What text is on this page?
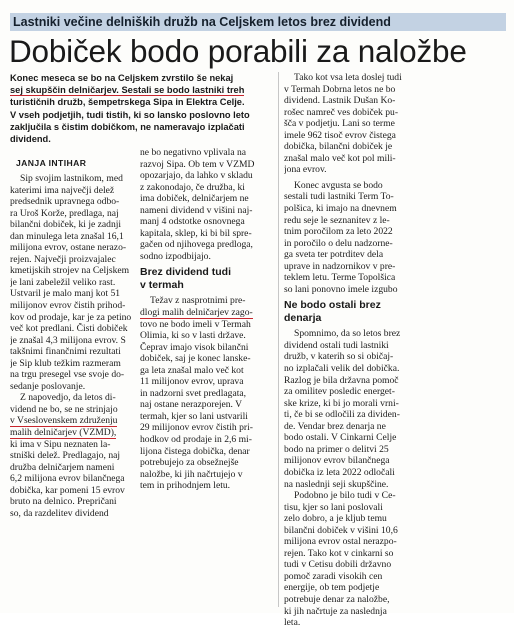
Lastniki večine delniških družb na Celjskem letos brez dividend
Dobiček bodo porabili za naložbe
Konec meseca se bo na Celjskem zvrstilo še nekaj
sej skupščin delničarjev. Sestali se bodo lastniki treh
turističnih družb, šempetrskega Sipa in Elektra Celje.
V vseh podjetjih, tudi tistih, ki so lansko poslovno leto
zaključila s čistim dobičkom, ne nameravajo izplačati
dividend.
JANJA INTIHAR
Sip svojim lastnikom, med
katerimi ima največji delež
predsednik upravnega odbo-
ra Uroš Korže, predlaga, naj
bilančni dobiček, ki je zadnji
dan minulega leta znašal 16,1
milijona evrov, ostane nerazo-
rejen. Največji proizvajalec
kmetijskih strojev na Celjskem
je lani zabeležil veliko rast.
Ustvaril je malo manj kot 51
milijonov evrov čistih prihod-
kov od prodaje, kar je za petino
več kot predlani. Čisti dobiček
je znašal 4,3 milijona evrov. S
takšnimi finančnimi rezultati
je Sip klub težkim razmeram
na trgu presegel vse svoje do-
sedanje poslovanje.
Z napovedjo, da letos di-
vidend ne bo, se ne strinjajo
v Vseslovenskem združenju
malih delničarjev (VZMD),
ki ima v Sipu neznaten la-
stniški delež. Predlagajo, naj
družba delničarjem nameni
6,2 milijona evrov bilančnega
dobička, kar pomeni 15 evrov
bruto na delnico. Prepričani
so, da razdelitev dividend
ne bo negativno vplivala na
razvoj Sipa. Ob tem v VZMD
opozarjajo, da lahko v skladu
z zakonodajo, če družba, ki
ima dobiček, delničarjem ne
nameni dividend v višini naj-
manj 4 odstotke osnovnega
kapitala, sklep, ki bi bil spre-
gačen od njihovega predloga,
sodno izpodbijajo.
Brez dividend tudi
v termah
Težav z nasprotnimi pre-
dlogi malih delničarjev zago-
tovo ne bodo imeli v Termah
Olimia, ki so v lasti države.
Čeprav imajo visok bilančni
dobiček, saj je konec lanske-
ga leta znašal malo več kot
11 milijonov evrov, uprava
in nadzorni svet predlagata,
naj ostane nerazporejen. V
termah, kjer so lani ustvarili
29 milijonov evrov čistih pri-
hodkov od prodaje in 2,6 mi-
lijona čistega dobička, denar
potrebujejo za obsežnejše
naložbe, ki jih načrtujejo v
tem in prihodnjem letu.
Tako kot vsa leta doslej tudi
v Termah Dobrna letos ne bo
dividend. Lastnik Dušan Ko-
rošec namreč ves dobiček pu-
šča v podjetju. Lani so terme
imele 962 tisoč evrov čistega
dobička, bilančni dobiček je
znašal malo več kot pol mili-
jona evrov.
Konec avgusta se bodo
sestali tudi lastniki Term To-
polšica, ki imajo na dnevnem
redu seje le seznanitev z le-
tnim poročilom za leto 2022
in poročilo o delu nadzorne-
ga sveta ter potrditev dela
uprave in nadzornikov v pre-
teklem letu. Terme Topolšica
so lani ponovno imele izgubo
Ne bodo ostali brez
denarja
Spomnimo, da so letos brez
dividend ostali tudi lastniki
družb, v katerih so si običaj-
no izplačali velik del dobička.
Razlog je bila državna pomoč
za omilitev posledic energet-
ske krize, ki bi jo morali vrni-
ti, če bi se odločili za dividen-
de. Vendar brez denarja ne
bodo ostali. V Cinkarni Celje
bodo na primer o delitvi 25
milijonov evrov bilančnega
dobička iz leta 2022 odločali
na naslednji seji skupščine.
Podobno je bilo tudi v Ce-
tisu, kjer so lani poslovali
zelo dobro, a je kljub temu
bilančni dobiček v višini 10,6
milijona evrov ostal nerazpo-
rejen. Tako kot v cinkarni so
tudi v Cetisu dobili državno
pomoč zaradi visokih cen
energije, ob tem podjetje
potrebuje denar za naložbe,
ki jih načrtuje za naslednja
leta.
